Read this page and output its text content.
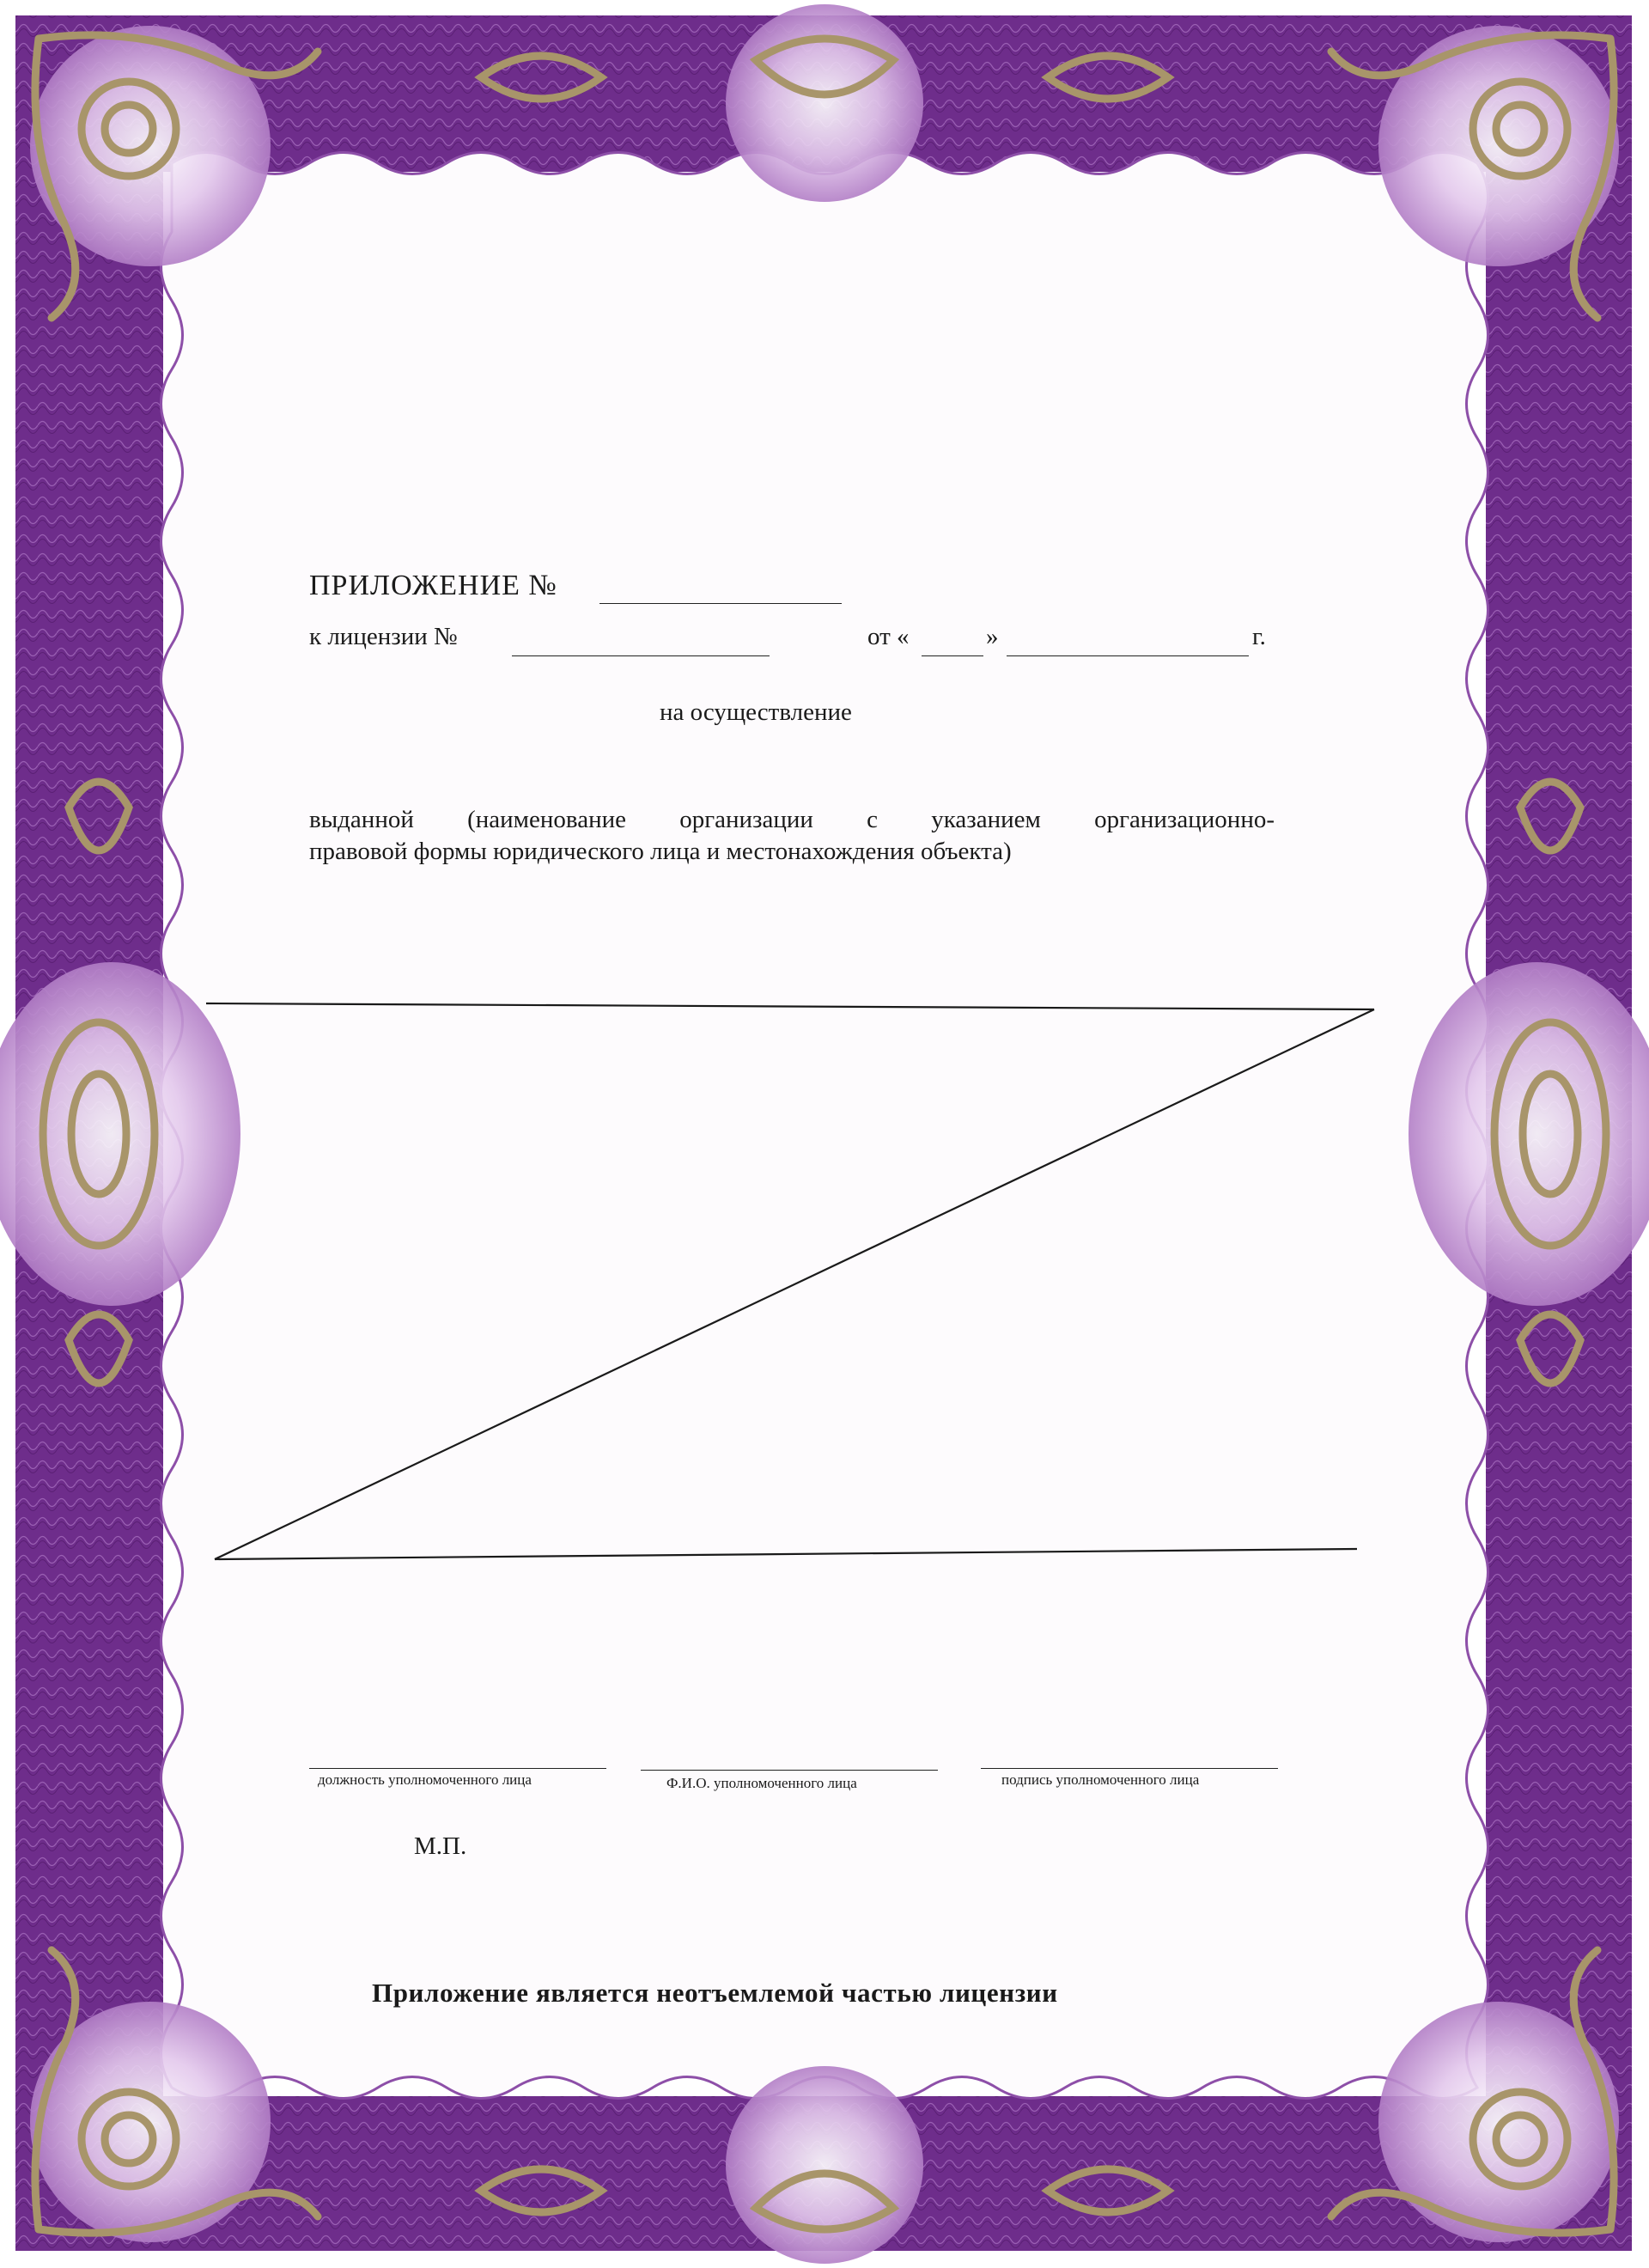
ПРИЛОЖЕНИЕ №
к лицензии №	от «	»	г.
на осуществление
выданной (наименование организации с указанием организационно-
правовой формы юридического лица и местонахождения объекта)
должность уполномоченного лица	Ф.И.О. уполномоченного лица	подпись уполномоченного лица
М.П.
Приложение является неотъемлемой частью лицензии
